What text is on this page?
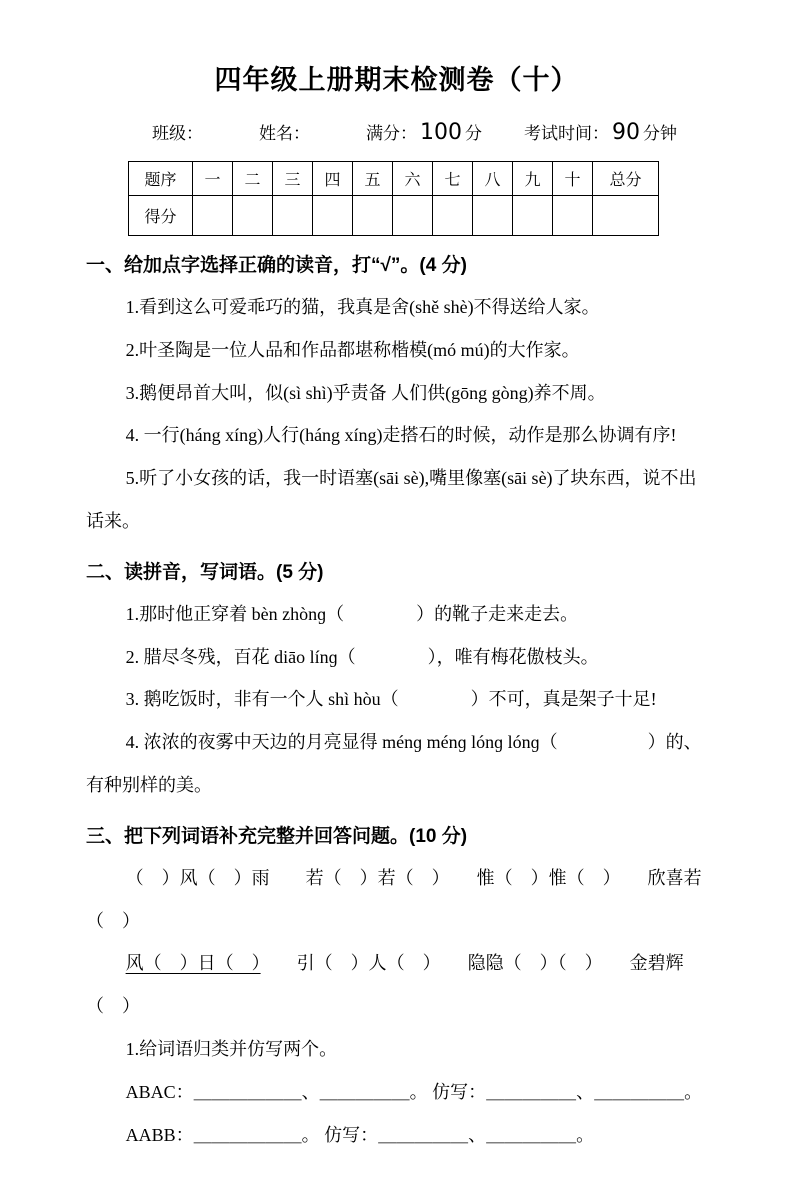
四年级上册期末检测卷（十）
班级：	姓名：	满分： 100 分 考试时间： 90 分钟
题序	一	二	三	四	五	六	七	八	九	十	总分
得分											
一、给加点字选择正确的读音，打“√”。(4 分)

1.看到这么可爱乖巧的猫，我真是舍(shě shè)不得送给人家。

2.叶圣陶是一位人品和作品都堪称楷模(mó mú)的大作家。

3.鹅便昂首大叫，似(sì shì)乎责备 人们供(gōng gòng)养不周。

4. 一行(háng xíng)人行(háng xíng)走搭石的时候，动作是那么协调有序!

5.听了小女孩的话，我一时语塞(sāi sè),嘴里像塞(sāi sè)了块东西，说不出话来。

二、读拼音，写词语。(5 分)

1.那时他正穿着 bèn zhònɡ（　　　　）的靴子走来走去。

2. 腊尽冬残，百花 diāo línɡ（　　　　），唯有梅花傲枝头。

3. 鹅吃饭时，非有一个人 shì hòu（　　　　）不可，真是架子十足!

4. 浓浓的夜雾中天边的月亮显得 ménɡ ménɡ lónɡ lónɡ（　　　　　）的、有种别样的美。

三、把下列词语补充完整并回答问题。(10 分)

（　）风（　）雨　　若（　）若（　）　　惟（　）惟（　）　　欣喜若（　）

风（　）日（　）　　引（　）人（　）　　隐隐（　）（　）　　金碧辉（　）

1.给词语归类并仿写两个。

ABAC：＿＿＿＿＿＿、＿＿＿＿＿。 仿写：＿＿＿＿＿、＿＿＿＿＿。

AABB：＿＿＿＿＿＿。 仿写：＿＿＿＿＿、＿＿＿＿＿。
